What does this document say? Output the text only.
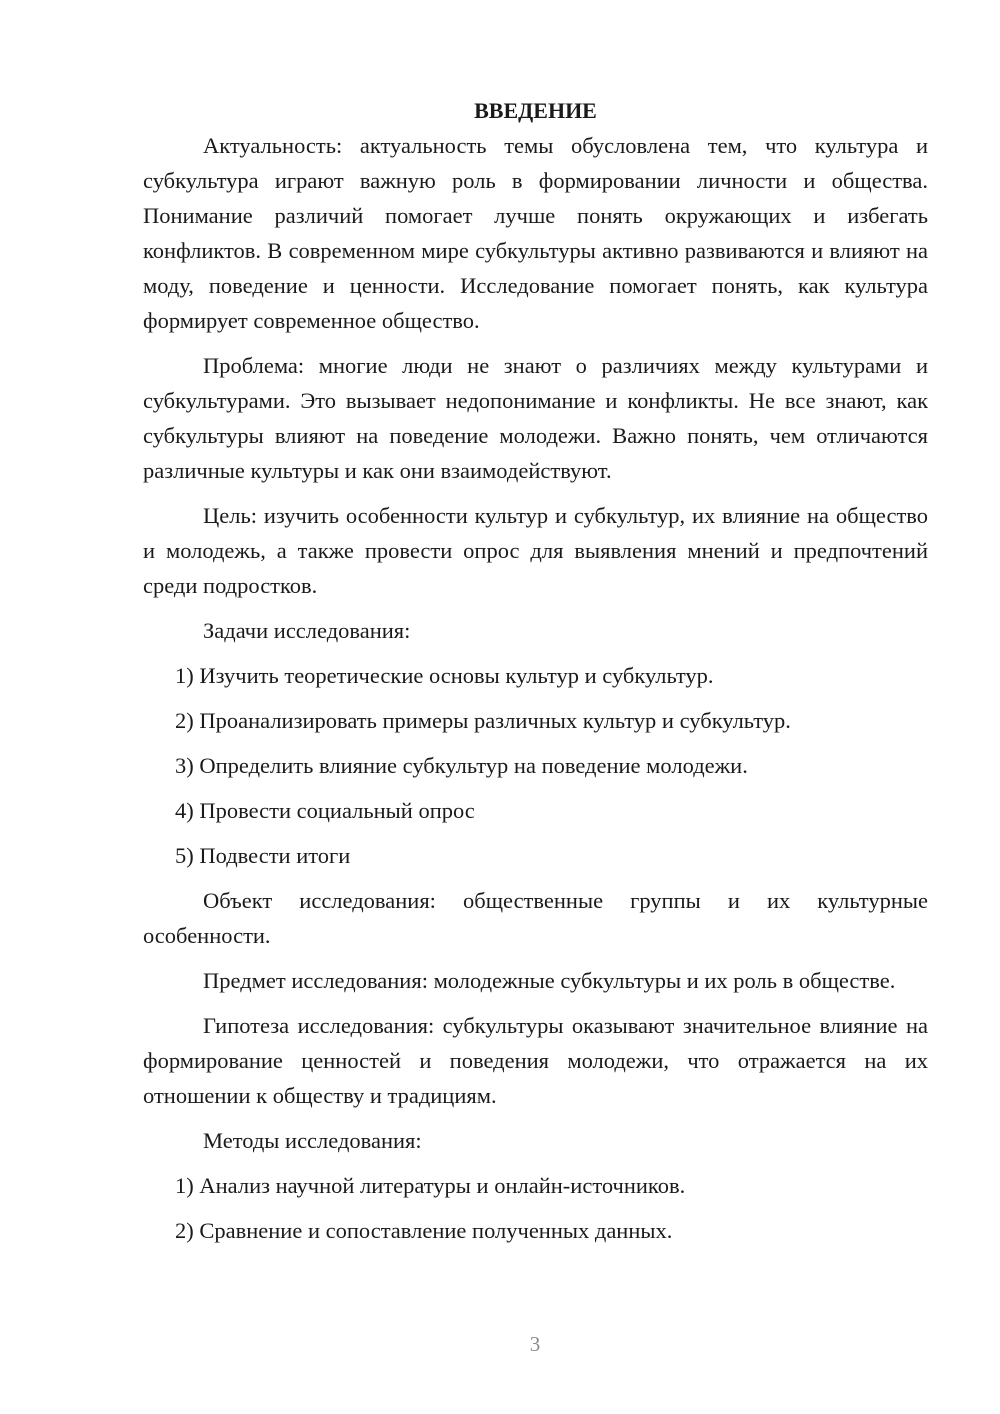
ВВЕДЕНИЕ

Актуальность: актуальность темы обусловлена тем, что культура и субкультура играют важную роль в формировании личности и общества. Понимание различий помогает лучше понять окружающих и избегать конфликтов. В современном мире субкультуры активно развиваются и влияют на моду, поведение и ценности. Исследование помогает понять, как культура формирует современное общество.

Проблема: многие люди не знают о различиях между культурами и субкультурами. Это вызывает недопонимание и конфликты. Не все знают, как субкультуры влияют на поведение молодежи. Важно понять, чем отличаются различные культуры и как они взаимодействуют.

Цель: изучить особенности культур и субкультур, их влияние на общество и молодежь, а также провести опрос для выявления мнений и предпочтений среди подростков.

Задачи исследования:

1) Изучить теоретические основы культур и субкультур.

2) Проанализировать примеры различных культур и субкультур.

3) Определить влияние субкультур на поведение молодежи.

4) Провести социальный опрос

5) Подвести итоги

Объект исследования: общественные группы и их культурные особенности.

Предмет исследования: молодежные субкультуры и их роль в обществе.

Гипотеза исследования: субкультуры оказывают значительное влияние на формирование ценностей и поведения молодежи, что отражается на их отношении к обществу и традициям.

Методы исследования:

1) Анализ научной литературы и онлайн-источников.

2) Сравнение и сопоставление полученных данных.

3
